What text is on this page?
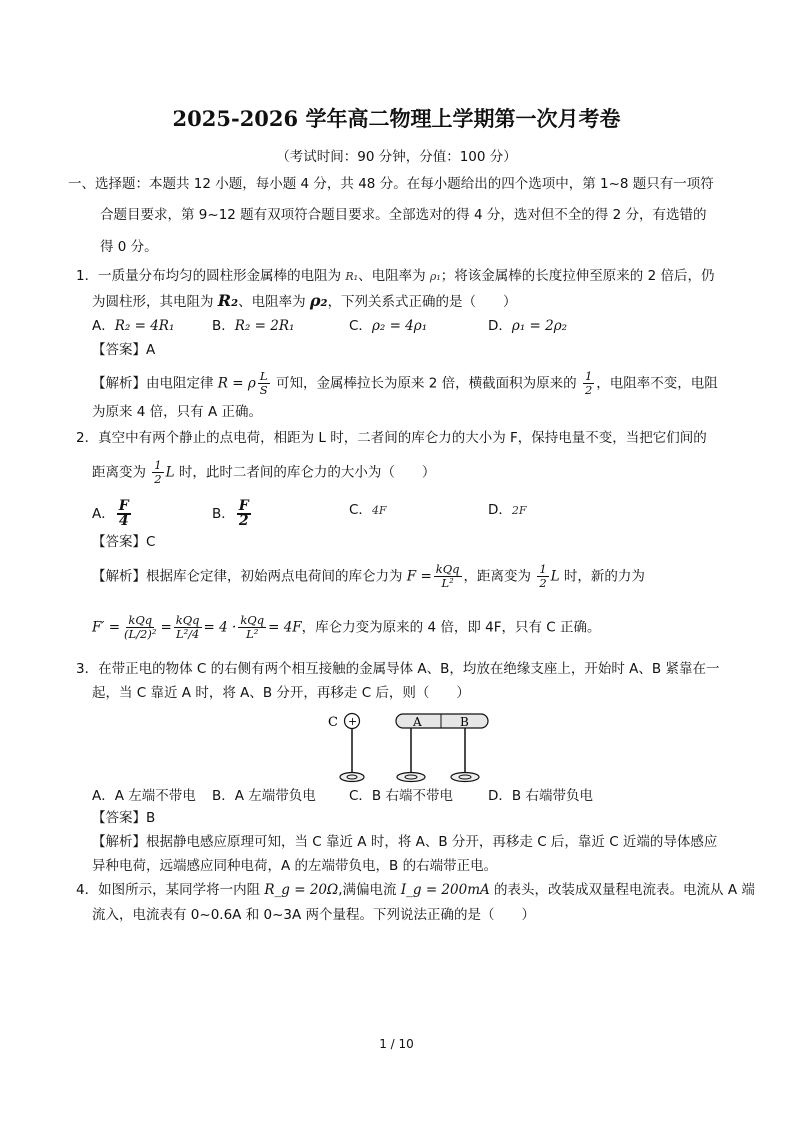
2025-2026 学年高二物理上学期第一次月考卷
（考试时间：90 分钟，分值：100 分）
一、选择题：本题共 12 小题，每小题 4 分，共 48 分。在每小题给出的四个选项中，第 1~8 题只有一项符
合题目要求，第 9~12 题有双项符合题目要求。全部选对的得 4 分，选对但不全的得 2 分，有选错的
得 0 分。
1．一质量分布均匀的圆柱形金属棒的电阻为 R₁、电阻率为 ρ₁；将该金属棒的长度拉伸至原来的 2 倍后，仍
为圆柱形，其电阻为 R₂、电阻率为 ρ₂，下列关系式正确的是（　　）
A．R₂ = 4R₁	B．R₂ = 2R₁	C．ρ₂ = 4ρ₁	D．ρ₁ = 2ρ₂
【答案】A
【解析】由电阻定律 R = ρ $\frac{L}{S}$ 可知，金属棒拉长为原来 2 倍，横截面积为原来的 $\frac{1}{2}$ ，电阻率不变，电阻
为原来 4 倍，只有 A 正确。
2．真空中有两个静止的点电荷，相距为 L 时，二者间的库仑力的大小为 F，保持电量不变，当把它们间的
距离变为 $\frac{1}{2}$ L 时，此时二者间的库仑力的大小为（　　）
A． $\frac{F}{4}$	B． $\frac{F}{2}$	C．4F	D．2F
【答案】C
【解析】根据库仑定律，初始两点电荷间的库仑力为 $F = \frac{\text{kQq}}{\text{L²}}$ ，距离变为 $\frac{1}{2}$ L 时，新的力为
$F' = \frac{\text{kQq}}{\text{(L/2)²}} = \frac{\text{kQq}}{\text{L²/4}} = 4 \cdot \frac{\text{kQq}}{\text{L²}} = 4F$，库仑力变为原来的 4 倍，即 4F，只有 C 正确。
3．在带正电的物体 C 的右侧有两个相互接触的金属导体 A、B，均放在绝缘支座上，开始时 A、B 紧靠在一
起，当 C 靠近 A 时，将 A、B 分开，再移走 C 后，则（　　）
C +	A	B
A．A 左端不带电 B．A 左端带负电 C．B 右端不带电	D．B 右端带负电
【答案】B
【解析】根据静电感应原理可知，当 C 靠近 A 时，将 A、B 分开，再移走 C 后，靠近 C 近端的导体感应
异种电荷，远端感应同种电荷，A 的左端带负电，B 的右端带正电。
4．如图所示，某同学将一内阻 R_g = 20Ω,满偏电流 I_g = 200mA 的表头，改装成双量程电流表。电流从 A 端
流入，电流表有 0~0.6A 和 0~3A 两个量程。下列说法正确的是（　　）
1 / 10
